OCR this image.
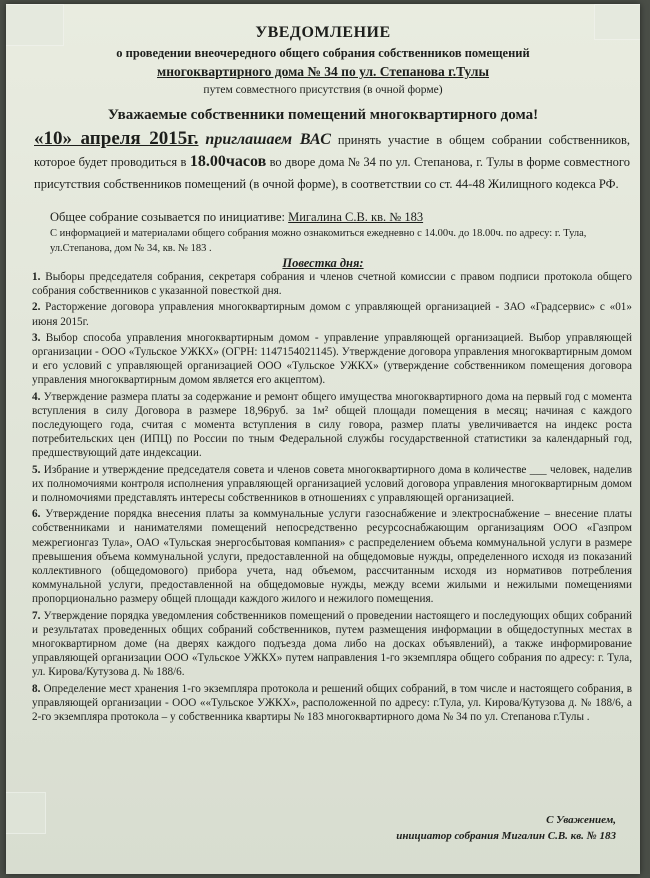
УВЕДОМЛЕНИЕ
о проведении внеочередного общего собрания собственников помещений
многоквартирного дома № 34 по ул. Степанова г.Тулы
путем совместного присутствия (в очной форме)
Уважаемые собственники помещений многоквартирного дома!
«10» апреля 2015г. приглашаем ВАС принять участие в общем собрании собственников, которое будет проводиться в 18.00часов во дворе дома № 34 по ул. Степанова, г. Тулы в форме совместного присутствия собственников помещений (в очной форме), в соответствии со ст. 44-48 Жилищного кодекса РФ.
Общее собрание созывается по инициативе: Мигалина С.В. кв. № 183
С информацией и материалами общего собрания можно ознакомиться ежедневно с 14.00ч. до 18.00ч. по адресу: г. Тула, ул.Степанова, дом № 34, кв. № 183 .
Повестка дня:

1. Выборы председателя собрания, секретаря собрания и членов счетной комиссии с правом подписи протокола общего собрания собственников с указанной повесткой дня.

2. Расторжение договора управления многоквартирным домом с управляющей организацией - ЗАО «Градсервис» с «01» июня 2015г.

3. Выбор способа управления многоквартирным домом - управление управляющей организацией. Выбор управляющей организации - ООО «Тульское УЖКХ» (ОГРН: 1147154021145). Утверждение договора управления многоквартирным домом и его условий с управляющей организацией ООО «Тульское УЖКХ» (утверждение собственником помещения договора управления многоквартирным домом является его акцептом).

4. Утверждение размера платы за содержание и ремонт общего имущества многоквартирного дома на первый год с момента вступления в силу Договора в размере 18,96руб. за 1м² общей площади помещения в месяц; начиная с каждого последующего года, считая с момента вступления в силу говора, размер платы увеличивается на индекс роста потребительских цен (ИПЦ) по России по тным Федеральной службы государственной статистики за календарный год, предшествующий дате индексации.

5. Избрание и утверждение председателя совета и членов совета многоквартирного дома в количестве ___ человек, наделив их полномочиями контроля исполнения управляющей организацией условий договора управления многоквартирным домом и полномочиями представлять интересы собственников в отношениях с управляющей организацией.

6. Утверждение порядка внесения платы за коммунальные услуги газоснабжение и электроснабжение – внесение платы собственниками и нанимателями помещений непосредственно ресурсоснабжающим организациям ООО «Газпром межрегионгаз Тула», ОАО «Тульская энергосбытовая компания» с распределением объема коммунальной услуги в размере превышения объема коммунальной услуги, предоставленной на общедомовые нужды, определенного исходя из показаний коллективного (общедомового) прибора учета, над объемом, рассчитанным исходя из нормативов потребления коммунальной услуги, предоставленной на общедомовые нужды, между всеми жилыми и нежилыми помещениями пропорционально размеру общей площади каждого жилого и нежилого помещения.

7. Утверждение порядка уведомления собственников помещений о проведении настоящего и последующих общих собраний и результатах проведенных общих собраний собственников, путем размещения информации в общедоступных местах в многоквартирном доме (на дверях каждого подъезда дома либо на досках объявлений), а также информирование управляющей организации ООО «Тульское УЖКХ» путем направления 1-го экземпляра общего собрания по адресу: г. Тула, ул. Кирова/Кутузова д. № 188/6.

8. Определение мест хранения 1-го экземпляра протокола и решений общих собраний, в том числе и настоящего собрания, в управляющей организации - ООО ««Тульское УЖКХ», расположенной по адресу: г.Тула, ул. Кирова/Кутузова д. № 188/6, а 2-го экземпляра протокола – у собственника квартиры № 183 многоквартирного дома № 34 по ул. Степанова г.Тулы .

С Уважением,
инициатор собрания Мигалин С.В. кв. № 183
